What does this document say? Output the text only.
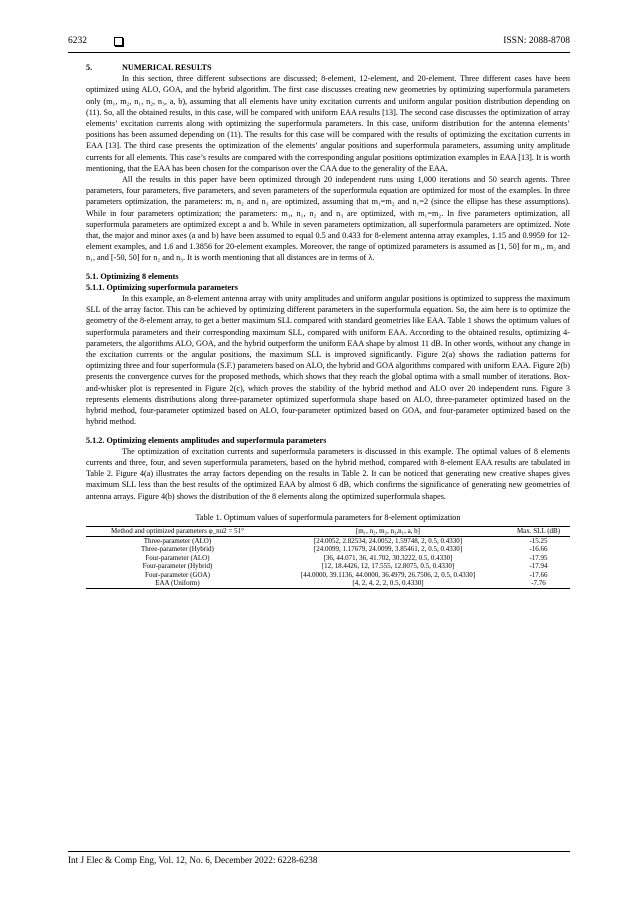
6232	ISSN: 2088-8708

5.	NUMERICAL RESULTS

In this section, three different subsections are discussed; 8-element, 12-element, and 20-element. Three different cases have been optimized using ALO, GOA, and the hybrid algorithm. The first case discusses creating new geometries by optimizing superformula parameters only (m₁, m₂, n₁, n₂, n₃, a, b), assuming that all elements have unity excitation currents and uniform angular position distribution depending on (11). So, all the obtained results, in this case, will be compared with uniform EAA results [13]. The second case discusses the optimization of array elements’ excitation currents along with optimizing the superformula parameters. In this case, uniform distribution for the antenna elements’ positions has been assumed depending on (11). The results for this case will be compared with the results of optimizing the excitation currents in EAA [13]. The third case presents the optimization of the elements’ angular positions and superformula parameters, assuming unity amplitude currents for all elements. This case’s results are compared with the corresponding angular positions optimization examples in EAA [13]. It is worth mentioning, that the EAA has been chosen for the comparison over the CAA due to the generality of the EAA.

All the results in this paper have been optimized through 20 independent runs using 1,000 iterations and 50 search agents. Three parameters, four parameters, five parameters, and seven parameters of the superformula equation are optimized for most of the examples. In three parameters optimization, the parameters: m, n₂ and n₃ are optimized, assuming that m₁=m₂ and n₁=2 (since the ellipse has these assumptions). While in four parameters optimization; the parameters: m₁, n₁, n₂ and n₃ are optimized, with m₁=m₂. In five parameters optimization, all superformula parameters are optimized except a and b. While in seven parameters optimization, all superformula parameters are optimized. Note that, the major and minor axes (a and b) have been assumed to equal 0.5 and 0.433 for 8-element antenna array examples, 1.15 and 0.9959 for 12-element examples, and 1.6 and 1.3856 for 20-element examples. Moreover, the range of optimized parameters is assumed as [1, 50] for m₁, m₂ and n₁, and [-50, 50] for n₂ and n₃. It is worth mentioning that all distances are in terms of λ.

5.1. Optimizing 8 elements

5.1.1. Optimizing superformula parameters

In this example, an 8-element antenna array with unity amplitudes and uniform angular positions is optimized to suppress the maximum SLL of the array factor. This can be achieved by optimizing different parameters in the superformula equation. So, the aim here is to optimize the geometry of the 8-element array, to get a better maximum SLL compared with standard geometries like EAA. Table 1 shows the optimum values of superformula parameters and their corresponding maximum SLL, compared with uniform EAA. According to the obtained results, optimizing 4-parameters, the algorithms ALO, GOA, and the hybrid outperform the uniform EAA shape by almost 11 dB. In other words, without any change in the excitation currents or the angular positions, the maximum SLL is improved significantly. Figure 2(a) shows the radiation patterns for optimizing three and four superformula (S.F.) parameters based on ALO, the hybrid and GOA algorithms compared with uniform EAA. Figure 2(b) presents the convergence curves for the proposed methods, which shows that they reach the global optima with a small number of iterations. Box-and-whisker plot is represented in Figure 2(c), which proves the stability of the hybrid method and ALO over 20 independent runs. Figure 3 represents elements distributions along three-parameter optimized superformula shape based on ALO, three-parameter optimized based on the hybrid method, four-parameter optimized based on ALO, four-parameter optimized based on GOA, and four-parameter optimized based on the hybrid method.

5.1.2. Optimizing elements amplitudes and superformula parameters

The optimization of excitation currents and superformula parameters is discussed in this example. The optimal values of 8 elements currents and three, four, and seven superformula parameters, based on the hybrid method, compared with 8-element EAA results are tabulated in Table 2. Figure 4(a) illustrates the array factors depending on the results in Table 2. It can be noticed that generating new creative shapes gives maximum SLL less than the best results of the optimized EAA by almost 6 dB, which confirms the significance of generating new geometries of antenna arrays. Figure 4(b) shows the distribution of the 8 elements along the optimized superformula shapes.

Table 1. Optimum values of superformula parameters for 8-element optimization
Method and optimized parameters φ_nu2 = 51°	[m₁, n₂, m₂, n₃,n₁, a, b]	Max. SLL (dB)
Three-parameter (ALO)	[24.0052, 2.82534, 24.0052, 1.59748, 2, 0.5, 0.4330]	-15.25
Three-parameter (Hybrid)	[24.0099, 1.17679, 24.0099, 3.85461, 2, 0.5, 0.4330]	-16.66
Four-parameter (ALO)	[36, 44.071, 36, 41.702, 30.3222, 0.5, 0.4330]	-17.95
Four-parameter (Hybrid)	[12, 18.4426, 12, 17.555, 12.8075, 0.5, 0.4330]	-17.94
Four-parameter (GOA)	[44.0000, 39.1136, 44.0000, 36.4979, 26.7506, 2, 0.5, 0.4330]	-17.66
EAA (Uniform)	[4, 2, 4, 2, 2, 0.5, 0.4330]	-7.76
Int J Elec & Comp Eng, Vol. 12, No. 6, December 2022: 6228-6238
